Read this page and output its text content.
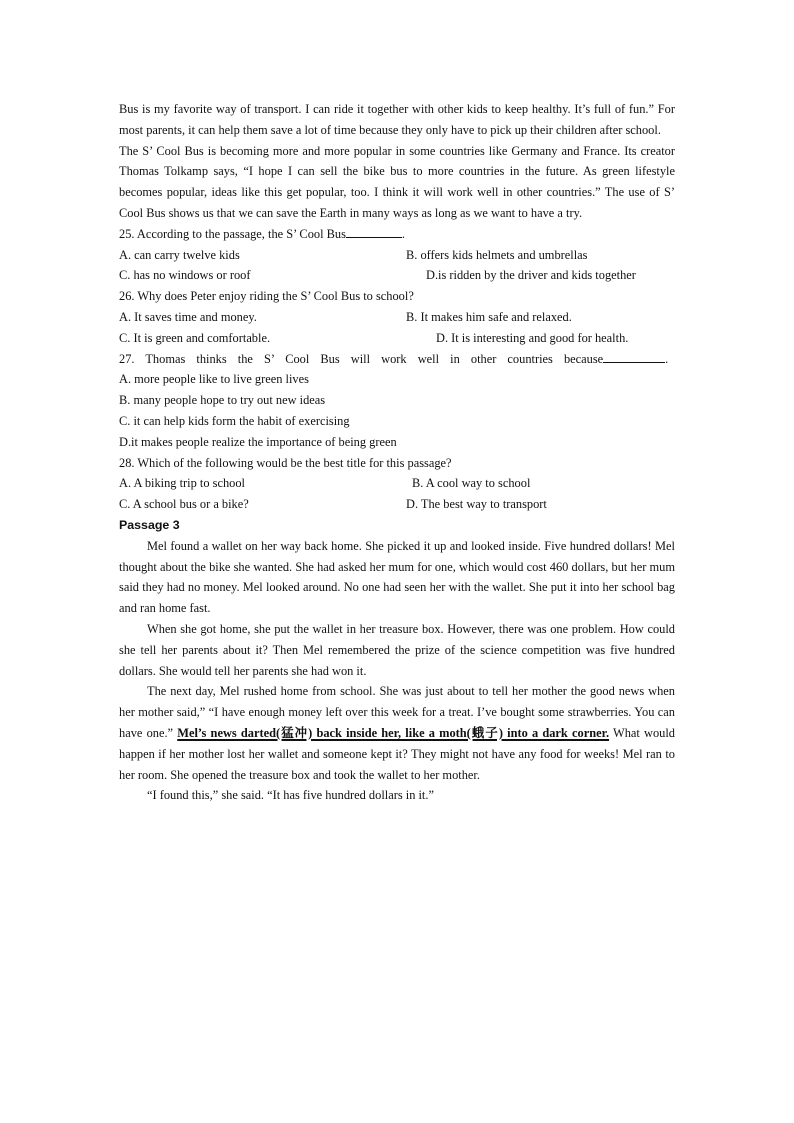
Bus is my favorite way of transport. I can ride it together with other kids to keep healthy. It’s full of fun.” For most parents, it can help them save a lot of time because they only have to pick up their children after school.

The S’ Cool Bus is becoming more and more popular in some countries like Germany and France. Its creator Thomas Tolkamp says, “I hope I can sell the bike bus to more countries in the future. As green lifestyle becomes popular, ideas like this get popular, too. I think it will work well in other countries.” The use of S’ Cool Bus shows us that we can save the Earth in many ways as long as we want to have a try.

25. According to the passage, the S’ Cool Bus	.

A. can carry twelve kids	B. offers kids helmets and umbrellas
C. has no windows or roof	D.is ridden by the driver and kids together

26. Why does Peter enjoy riding the S’ Cool Bus to school?

A. It saves time and money.	B. It makes him safe and relaxed.
C. It is green and comfortable.	D. It is interesting and good for health.

27. Thomas thinks the S’ Cool Bus will work well in other countries because	.

A. more people like to live green lives

B. many people hope to try out new ideas

C. it can help kids form the habit of exercising

D.it makes people realize the importance of being green

28. Which of the following would be the best title for this passage?

A. A biking trip to school	B. A cool way to school
C. A school bus or a bike?	D. The best way to transport

Passage 3

Mel found a wallet on her way back home. She picked it up and looked inside. Five hundred dollars! Mel thought about the bike she wanted. She had asked her mum for one, which would cost 460 dollars, but her mum said they had no money. Mel looked around. No one had seen her with the wallet. She put it into her school bag and ran home fast.

When she got home, she put the wallet in her treasure box. However, there was one problem. How could she tell her parents about it? Then Mel remembered the prize of the science competition was five hundred dollars. She would tell her parents she had won it.

The next day, Mel rushed home from school. She was just about to tell her mother the good news when her mother said,” “I have enough money left over this week for a treat. I’ve bought some strawberries. You can have one.” Mel’s news darted(猛冲) back inside her, like a moth(蛾子) into a dark corner. What would happen if her mother lost her wallet and someone kept it? They might not have any food for weeks! Mel ran to her room. She opened the treasure box and took the wallet to her mother.

“I found this,” she said. “It has five hundred dollars in it.”
